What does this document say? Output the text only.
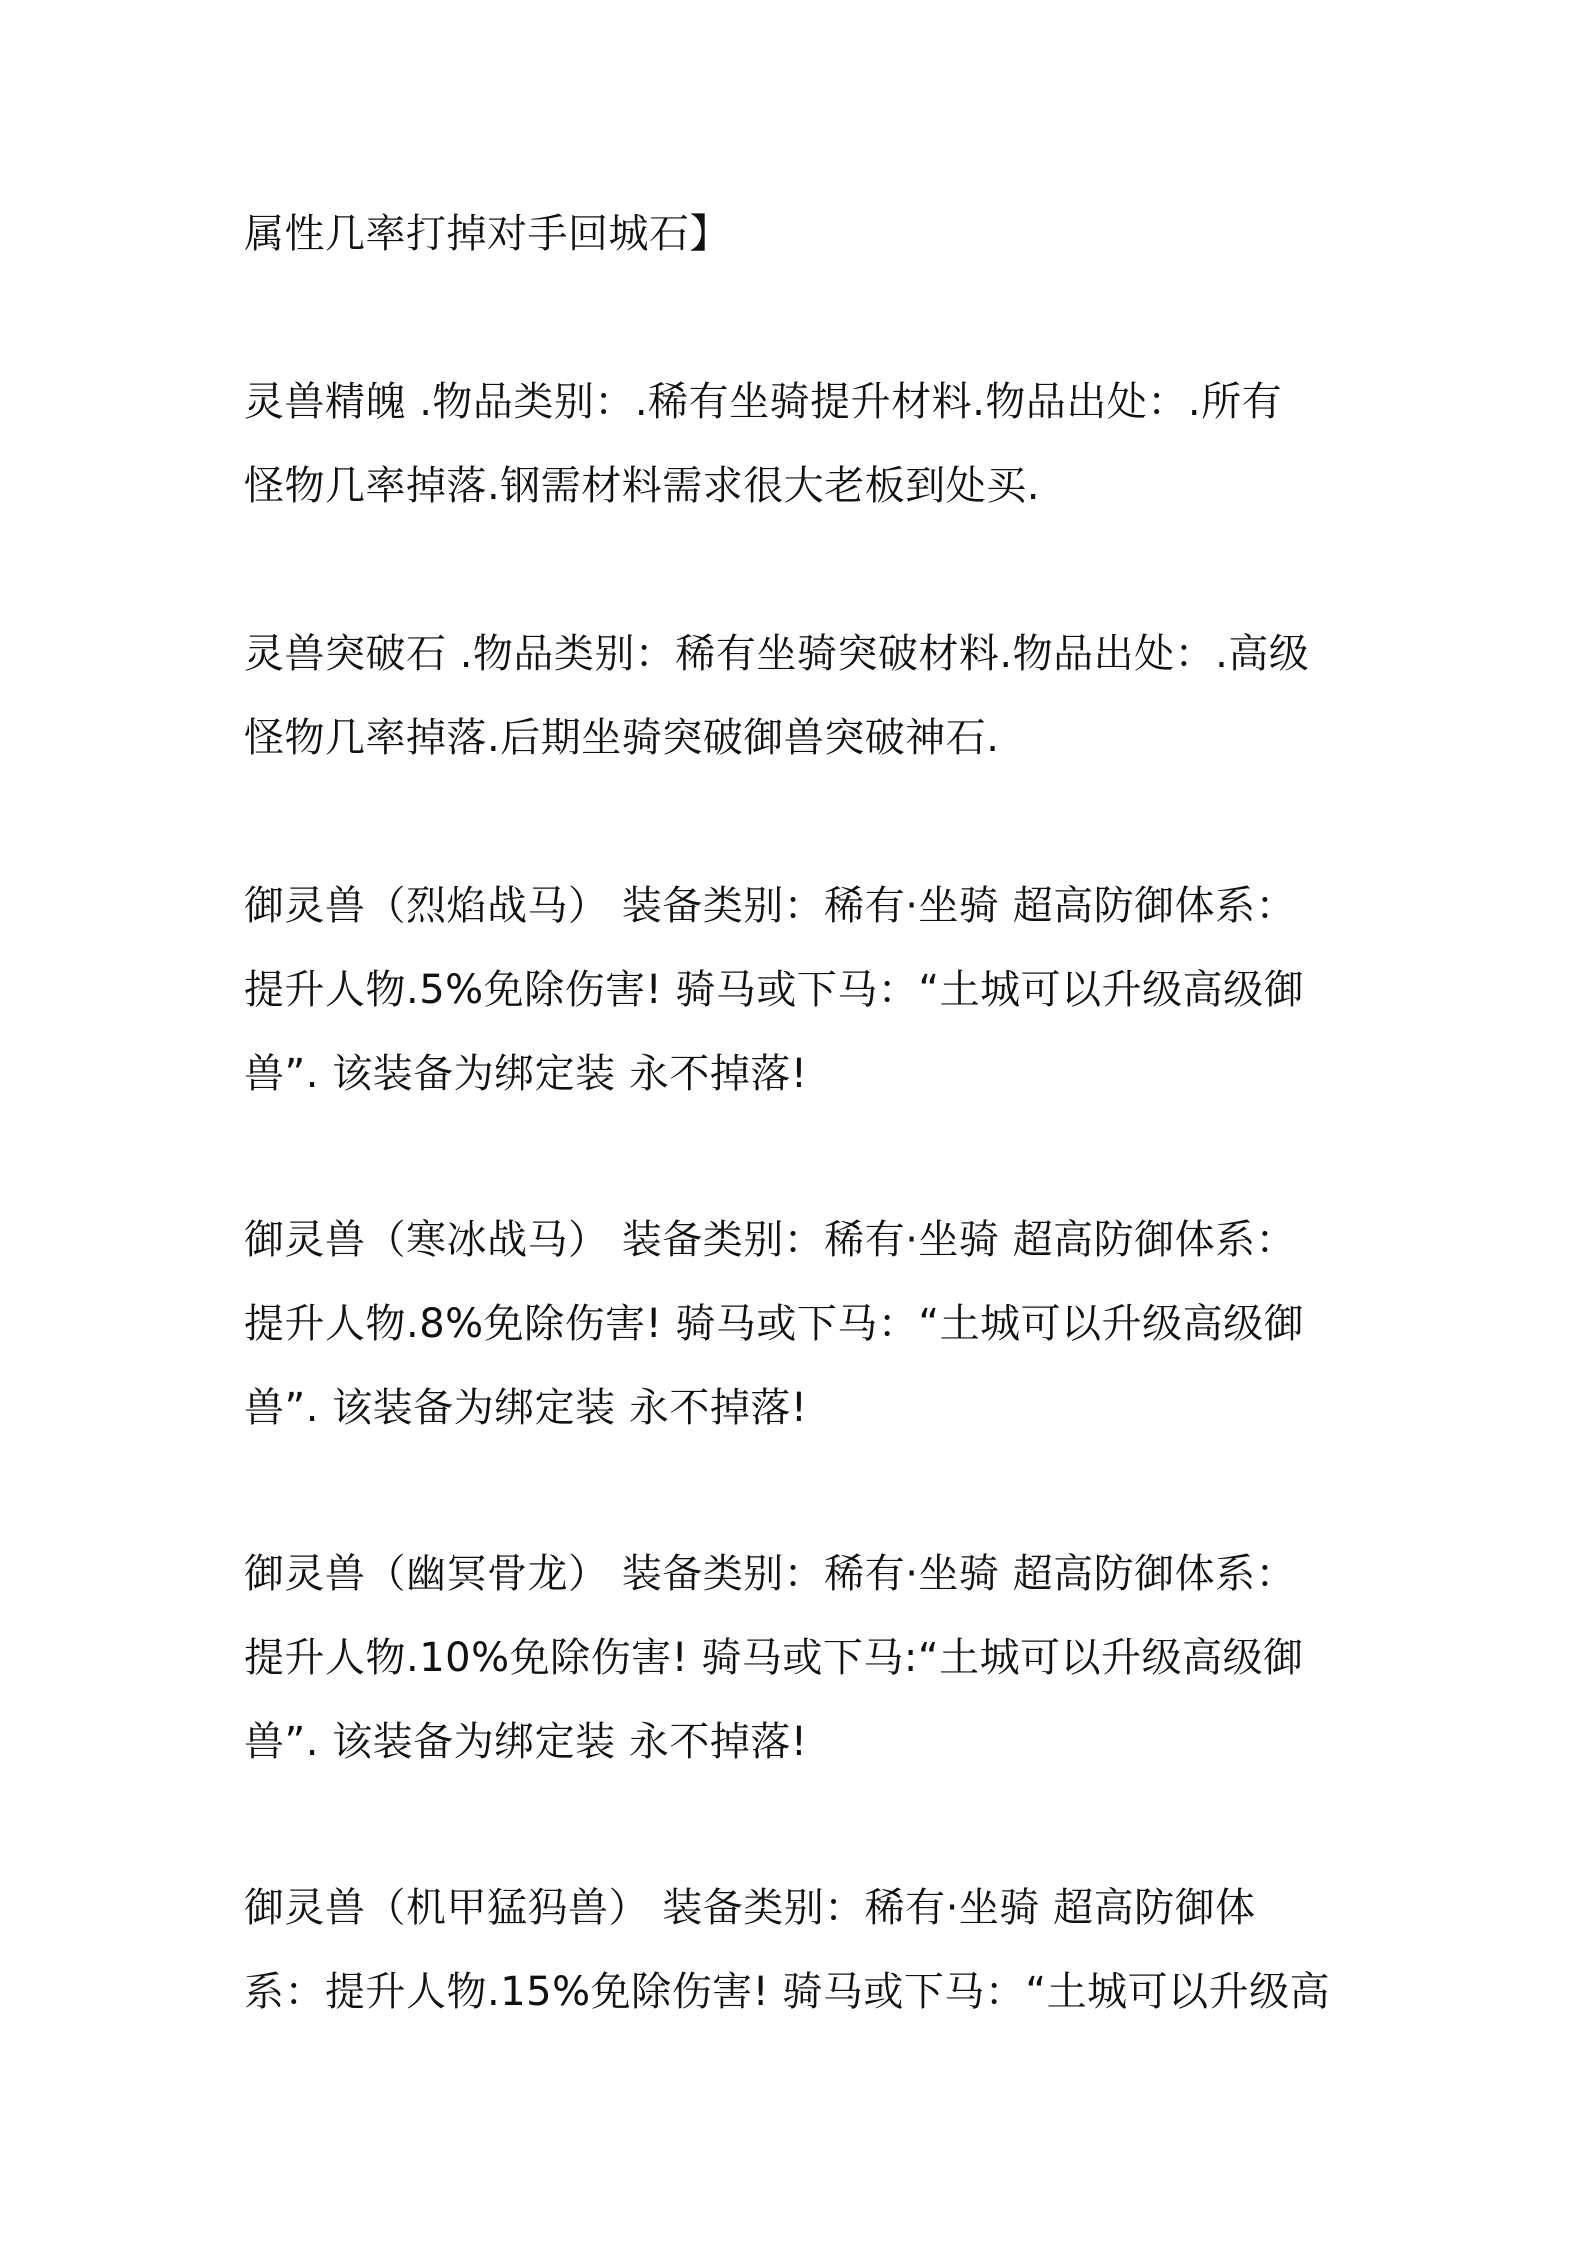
属性几率打掉对手回城石】

灵兽精魄 .物品类别：.稀有坐骑提升材料.物品出处：.所有
怪物几率掉落.钢需材料需求很大老板到处买.

灵兽突破石 .物品类别：稀有坐骑突破材料.物品出处：.高级
怪物几率掉落.后期坐骑突破御兽突破神石.

御灵兽（烈焰战马） 装备类别：稀有·坐骑 超高防御体系：
提升人物.5%免除伤害! 骑马或下马：“土城可以升级高级御
兽”. 该装备为绑定装 永不掉落!

御灵兽（寒冰战马） 装备类别：稀有·坐骑 超高防御体系：
提升人物.8%免除伤害! 骑马或下马：“土城可以升级高级御
兽”. 该装备为绑定装 永不掉落!

御灵兽（幽冥骨龙） 装备类别：稀有·坐骑 超高防御体系：
提升人物.10%免除伤害! 骑马或下马:“土城可以升级高级御
兽”. 该装备为绑定装 永不掉落!

御灵兽（机甲猛犸兽） 装备类别：稀有·坐骑 超高防御体
系：提升人物.15%免除伤害! 骑马或下马：“土城可以升级高
